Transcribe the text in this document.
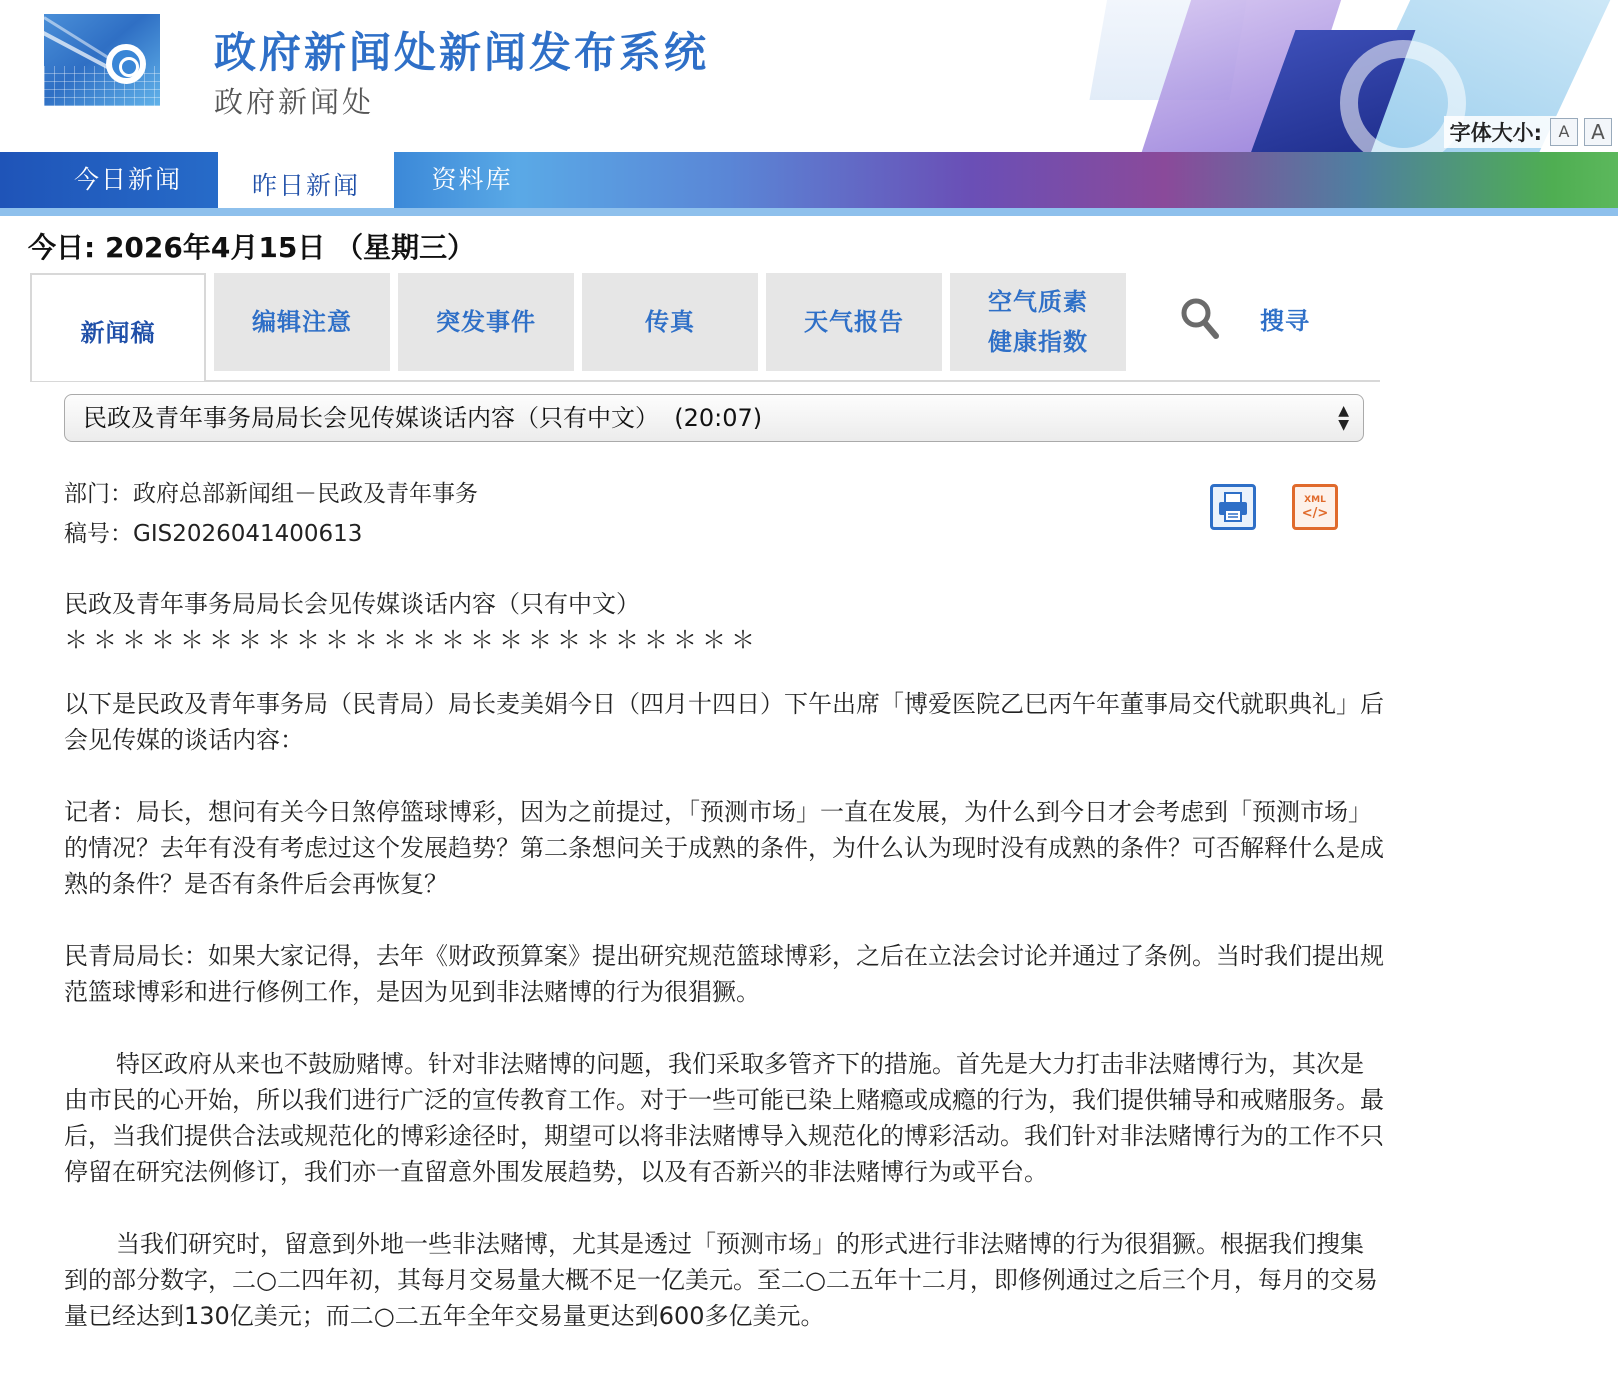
政府新闻处新闻发布系统
政府新闻处
字体大小:	A	A
今日新闻	昨日新闻	资料库
今日: 2026年4月15日 （星期三）
新闻稿	编辑注意	突发事件	传真	天气报告
空气质素
健康指数
搜寻
民政及青年事务局局长会见传媒谈话内容（只有中文）  (20:07)	▲
▼
部门：政府总部新闻组－民政及青年事务
稿号：GIS2026041400613
XML
</>

民政及青年事务局局长会见传媒谈话内容（只有中文）

＊＊＊＊＊＊＊＊＊＊＊＊＊＊＊＊＊＊＊＊＊＊＊＊

以下是民政及青年事务局（民青局）局长麦美娟今日（四月十四日）下午出席「博爱医院乙巳丙午年董事局交代就职典礼」后会见传媒的谈话内容：

记者：局长，想问有关今日煞停篮球博彩，因为之前提过，「预测市场」一直在发展，为什么到今日才会考虑到「预测市场」的情况？去年有没有考虑过这个发展趋势？第二条想问关于成熟的条件，为什么认为现时没有成熟的条件？可否解释什么是成熟的条件？是否有条件后会再恢复？

民青局局长：如果大家记得，去年《财政预算案》提出研究规范篮球博彩，之后在立法会讨论并通过了条例。当时我们提出规范篮球博彩和进行修例工作，是因为见到非法赌博的行为很猖獗。

特区政府从来也不鼓励赌博。针对非法赌博的问题，我们采取多管齐下的措施。首先是大力打击非法赌博行为，其次是由市民的心开始，所以我们进行广泛的宣传教育工作。对于一些可能已染上赌瘾或成瘾的行为，我们提供辅导和戒赌服务。最后，当我们提供合法或规范化的博彩途径时，期望可以将非法赌博导入规范化的博彩活动。我们针对非法赌博行为的工作不只停留在研究法例修订，我们亦一直留意外围发展趋势，以及有否新兴的非法赌博行为或平台。

当我们研究时，留意到外地一些非法赌博，尤其是透过「预测市场」的形式进行非法赌博的行为很猖獗。根据我们搜集到的部分数字，二○二四年初，其每月交易量大概不足一亿美元。至二○二五年十二月，即修例通过之后三个月，每月的交易量已经达到130亿美元；而二○二五年全年交易量更达到600多亿美元。
